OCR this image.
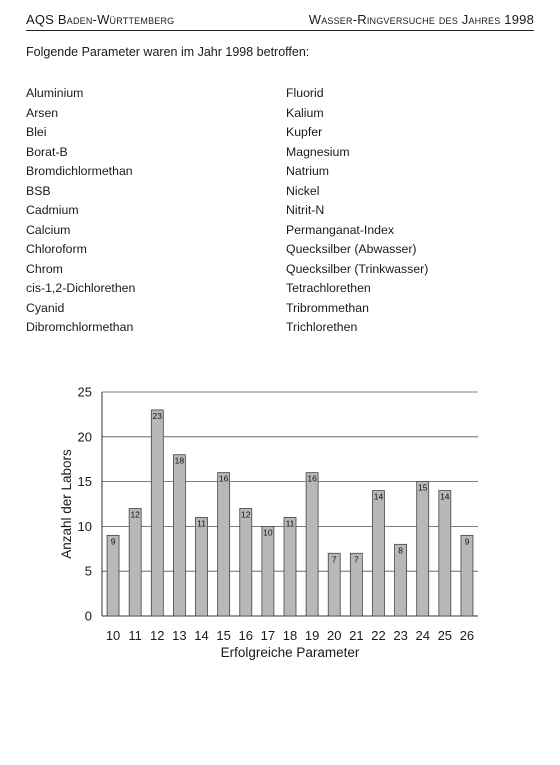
AQS Baden-Württemberg	Wasser-Ringversuche des Jahres 1998
Folgende Parameter waren im Jahr 1998 betroffen:
Aluminium
Arsen
Blei
Borat-B
Bromdichlormethan
BSB
Cadmium
Calcium
Chloroform
Chrom
cis-1,2-Dichlorethen
Cyanid
Dibromchlormethan
Fluorid
Kalium
Kupfer
Magnesium
Natrium
Nickel
Nitrit-N
Permanganat-Index
Quecksilber (Abwasser)
Quecksilber (Trinkwasser)
Tetrachlorethen
Tribrommethan
Trichlorethen
0
5
10
15
20
25
9
10
12
11
23
12
18
13
11
14
16
15
12
16
10
17
11
18
16
19
7
20
7
21
14
22
8
23
15
24
14
25
9
26
Erfolgreiche Parameter
Anzahl der Labors
